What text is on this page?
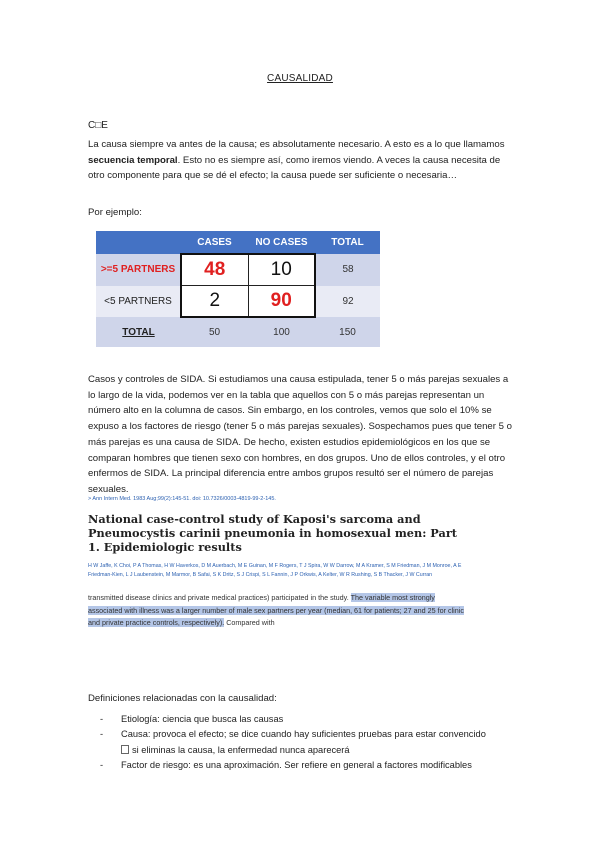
CAUSALIDAD
C□E
La causa siempre va antes de la causa; es absolutamente necesario. A esto es a lo que llamamos secuencia temporal. Esto no es siempre así, como iremos viendo. A veces la causa necesita de otro componente para que se dé el efecto; la causa puede ser suficiente o necesaria…
Por ejemplo:
	CASES	NO CASES	TOTAL
>=5 PARTNERS	48	10	58
<5 PARTNERS	2	90	92
TOTAL	50	100	150
Casos y controles de SIDA. Si estudiamos una causa estipulada, tener 5 o más parejas sexuales a lo largo de la vida, podemos ver en la tabla que aquellos con 5 o más parejas representan un número alto en la columna de casos. Sin embargo, en los controles, vemos que solo el 10% se expuso a los factores de riesgo (tener 5 o más parejas sexuales). Sospechamos pues que tener 5 o más parejas es una causa de SIDA. De hecho, existen estudios epidemiológicos en los que se comparan hombres que tienen sexo con hombres, en dos grupos. Uno de ellos controles, y el otro enfermos de SIDA. La principal diferencia entre ambos grupos resultó ser el número de parejas sexuales.
> Ann Intern Med. 1983 Aug;99(2):145-51. doi: 10.7326/0003-4819-99-2-145.
National case-control study of Kaposi's sarcoma and Pneumocystis carinii pneumonia in homosexual men: Part 1. Epidemiologic results
H W Jaffe, K Choi, P A Thomas, H W Haverkos, D M Auerbach, M E Guinan, M F Rogers, T J Spira, W W Darrow, M A Kramer, S M Friedman, J M Monroe, A E Friedman-Kien, L J Laubenstein, M Marmor, B Safai, S K Dritz, S J Crispi, S L Fannin, J P Orkwis, A Kelter, W R Rushing, S B Thacker, J W Curran
transmitted disease clinics and private medical practices) participated in the study. The variable most strongly associated with illness was a larger number of male sex partners per year (median, 61 for patients; 27 and 25 for clinic and private practice controls, respectively). Compared with
Definiciones relacionadas con la causalidad:
- Etiología: ciencia que busca las causas
- Causa: provoca el efecto; se dice cuando hay suficientes pruebas para estar convencido
si eliminas la causa, la enfermedad nunca aparecerá
- Factor de riesgo: es una aproximación. Ser refiere en general a factores modificables
